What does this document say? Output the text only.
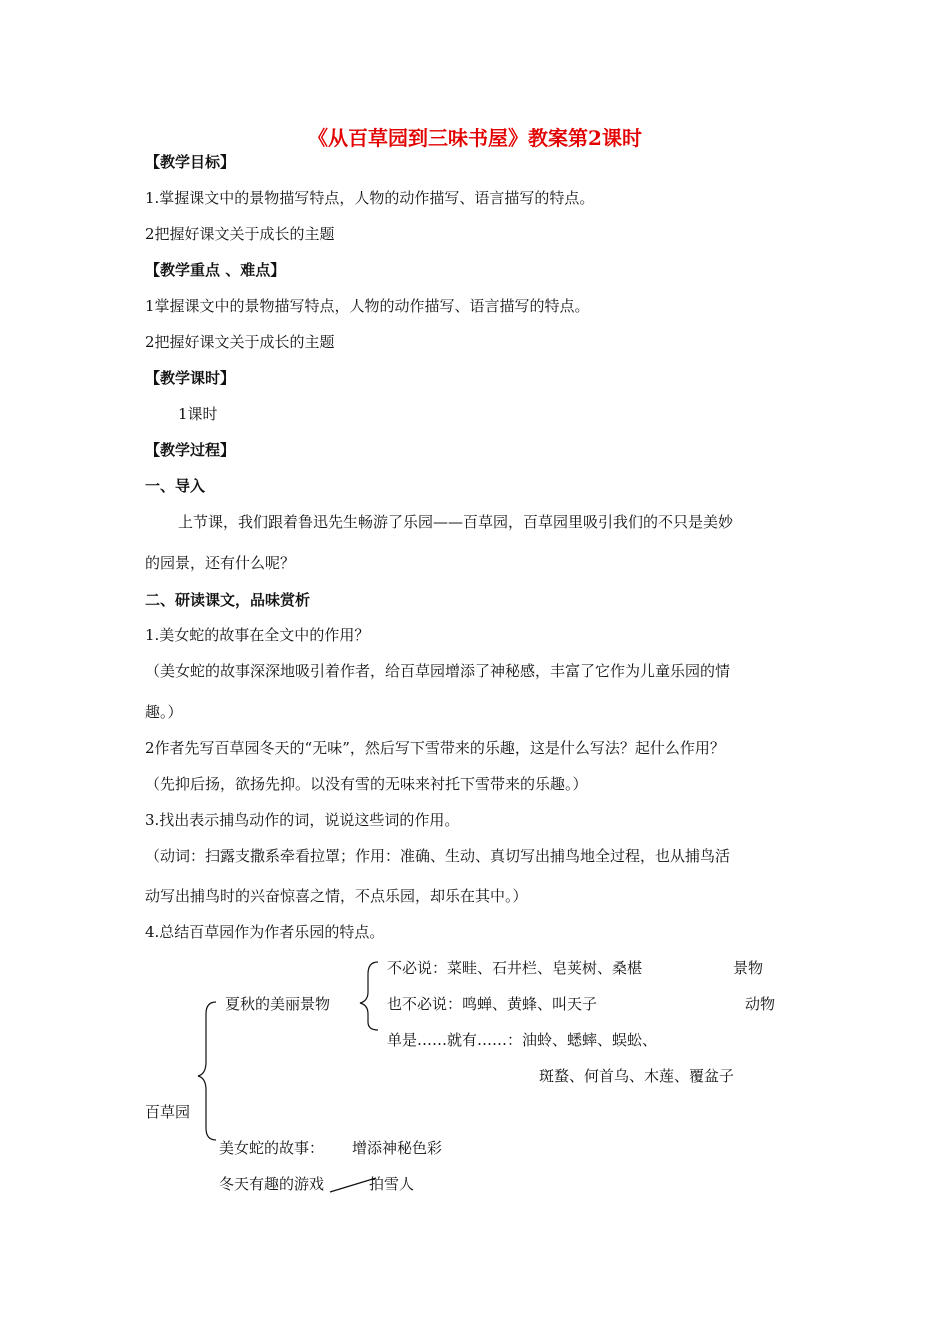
《从百草园到三味书屋》教案第2课时
【教学目标】
1.掌握课文中的景物描写特点，人物的动作描写、语言描写的特点。
2把握好课文关于成长的主题
【教学重点 、难点】
1掌握课文中的景物描写特点，人物的动作描写、语言描写的特点。
2把握好课文关于成长的主题
【教学课时】
1课时
【教学过程】
一、导入
上节课，我们跟着鲁迅先生畅游了乐园——百草园，百草园里吸引我们的不只是美妙
的园景，还有什么呢？
二、研读课文，品味赏析
1.美女蛇的故事在全文中的作用？
（美女蛇的故事深深地吸引着作者，给百草园增添了神秘感，丰富了它作为儿童乐园的情
趣。）
2作者先写百草园冬天的“无味”，然后写下雪带来的乐趣，这是什么写法？起什么作用？
（先抑后扬，欲扬先抑。以没有雪的无味来衬托下雪带来的乐趣。）
3.找出表示捕鸟动作的词，说说这些词的作用。
（动词：扫露支撒系牵看拉罩；作用：准确、生动、真切写出捕鸟地全过程，也从捕鸟活
动写出捕鸟时的兴奋惊喜之情，不点乐园，却乐在其中。）
4.总结百草园作为作者乐园的特点。
夏秋的美丽景物
不必说：菜畦、石井栏、皂荚树、桑椹	景物
也不必说：鸣蝉、黄蜂、叫天子	动物
单是……就有……：油蛉、蟋蟀、蜈蚣、
斑蝥、何首乌、木莲、覆盆子
百草园
美女蛇的故事： 增添神秘色彩
冬天有趣的游戏	拍雪人
